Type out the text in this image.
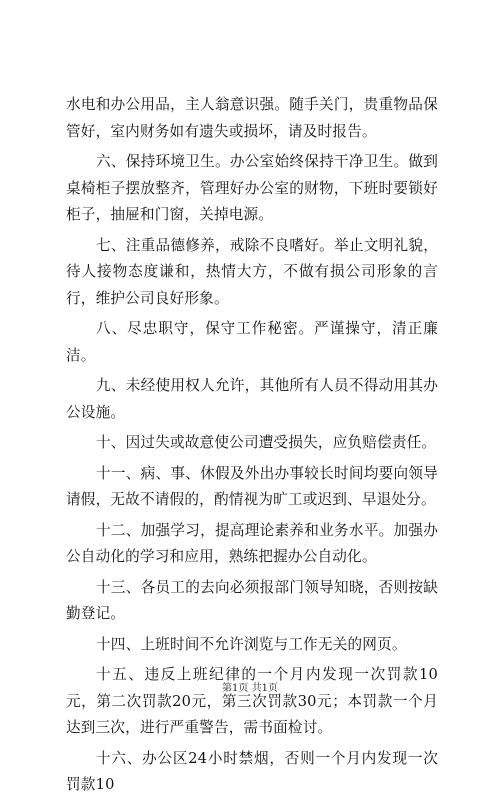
水电和办公用品，主人翁意识强。随手关门，贵重物品保管好，室内财务如有遗失或损坏，请及时报告。

六、保持环境卫生。办公室始终保持干净卫生。做到桌椅柜子摆放整齐，管理好办公室的财物，下班时要锁好柜子，抽屉和门窗，关掉电源。

七、注重品德修养，戒除不良嗜好。举止文明礼貌，待人接物态度谦和，热情大方，不做有损公司形象的言行，维护公司良好形象。

八、尽忠职守，保守工作秘密。严谨操守，清正廉洁。

九、未经使用权人允许，其他所有人员不得动用其办公设施。

十、因过失或故意使公司遭受损失，应负赔偿责任。

十一、病、事、休假及外出办事较长时间均要向领导请假，无故不请假的，酌情视为旷工或迟到、早退处分。

十二、加强学习，提高理论素养和业务水平。加强办公自动化的学习和应用，熟练把握办公自动化。

十三、各员工的去向必须报部门领导知晓，否则按缺勤登记。

十四、上班时间不允许浏览与工作无关的网页。

十五、违反上班纪律的一个月内发现一次罚款10元，第二次罚款20元，第三次罚款30元；本罚款一个月达到三次，进行严重警告，需书面检讨。

十六、办公区24小时禁烟，否则一个月内发现一次罚款10

第1页 共1页
